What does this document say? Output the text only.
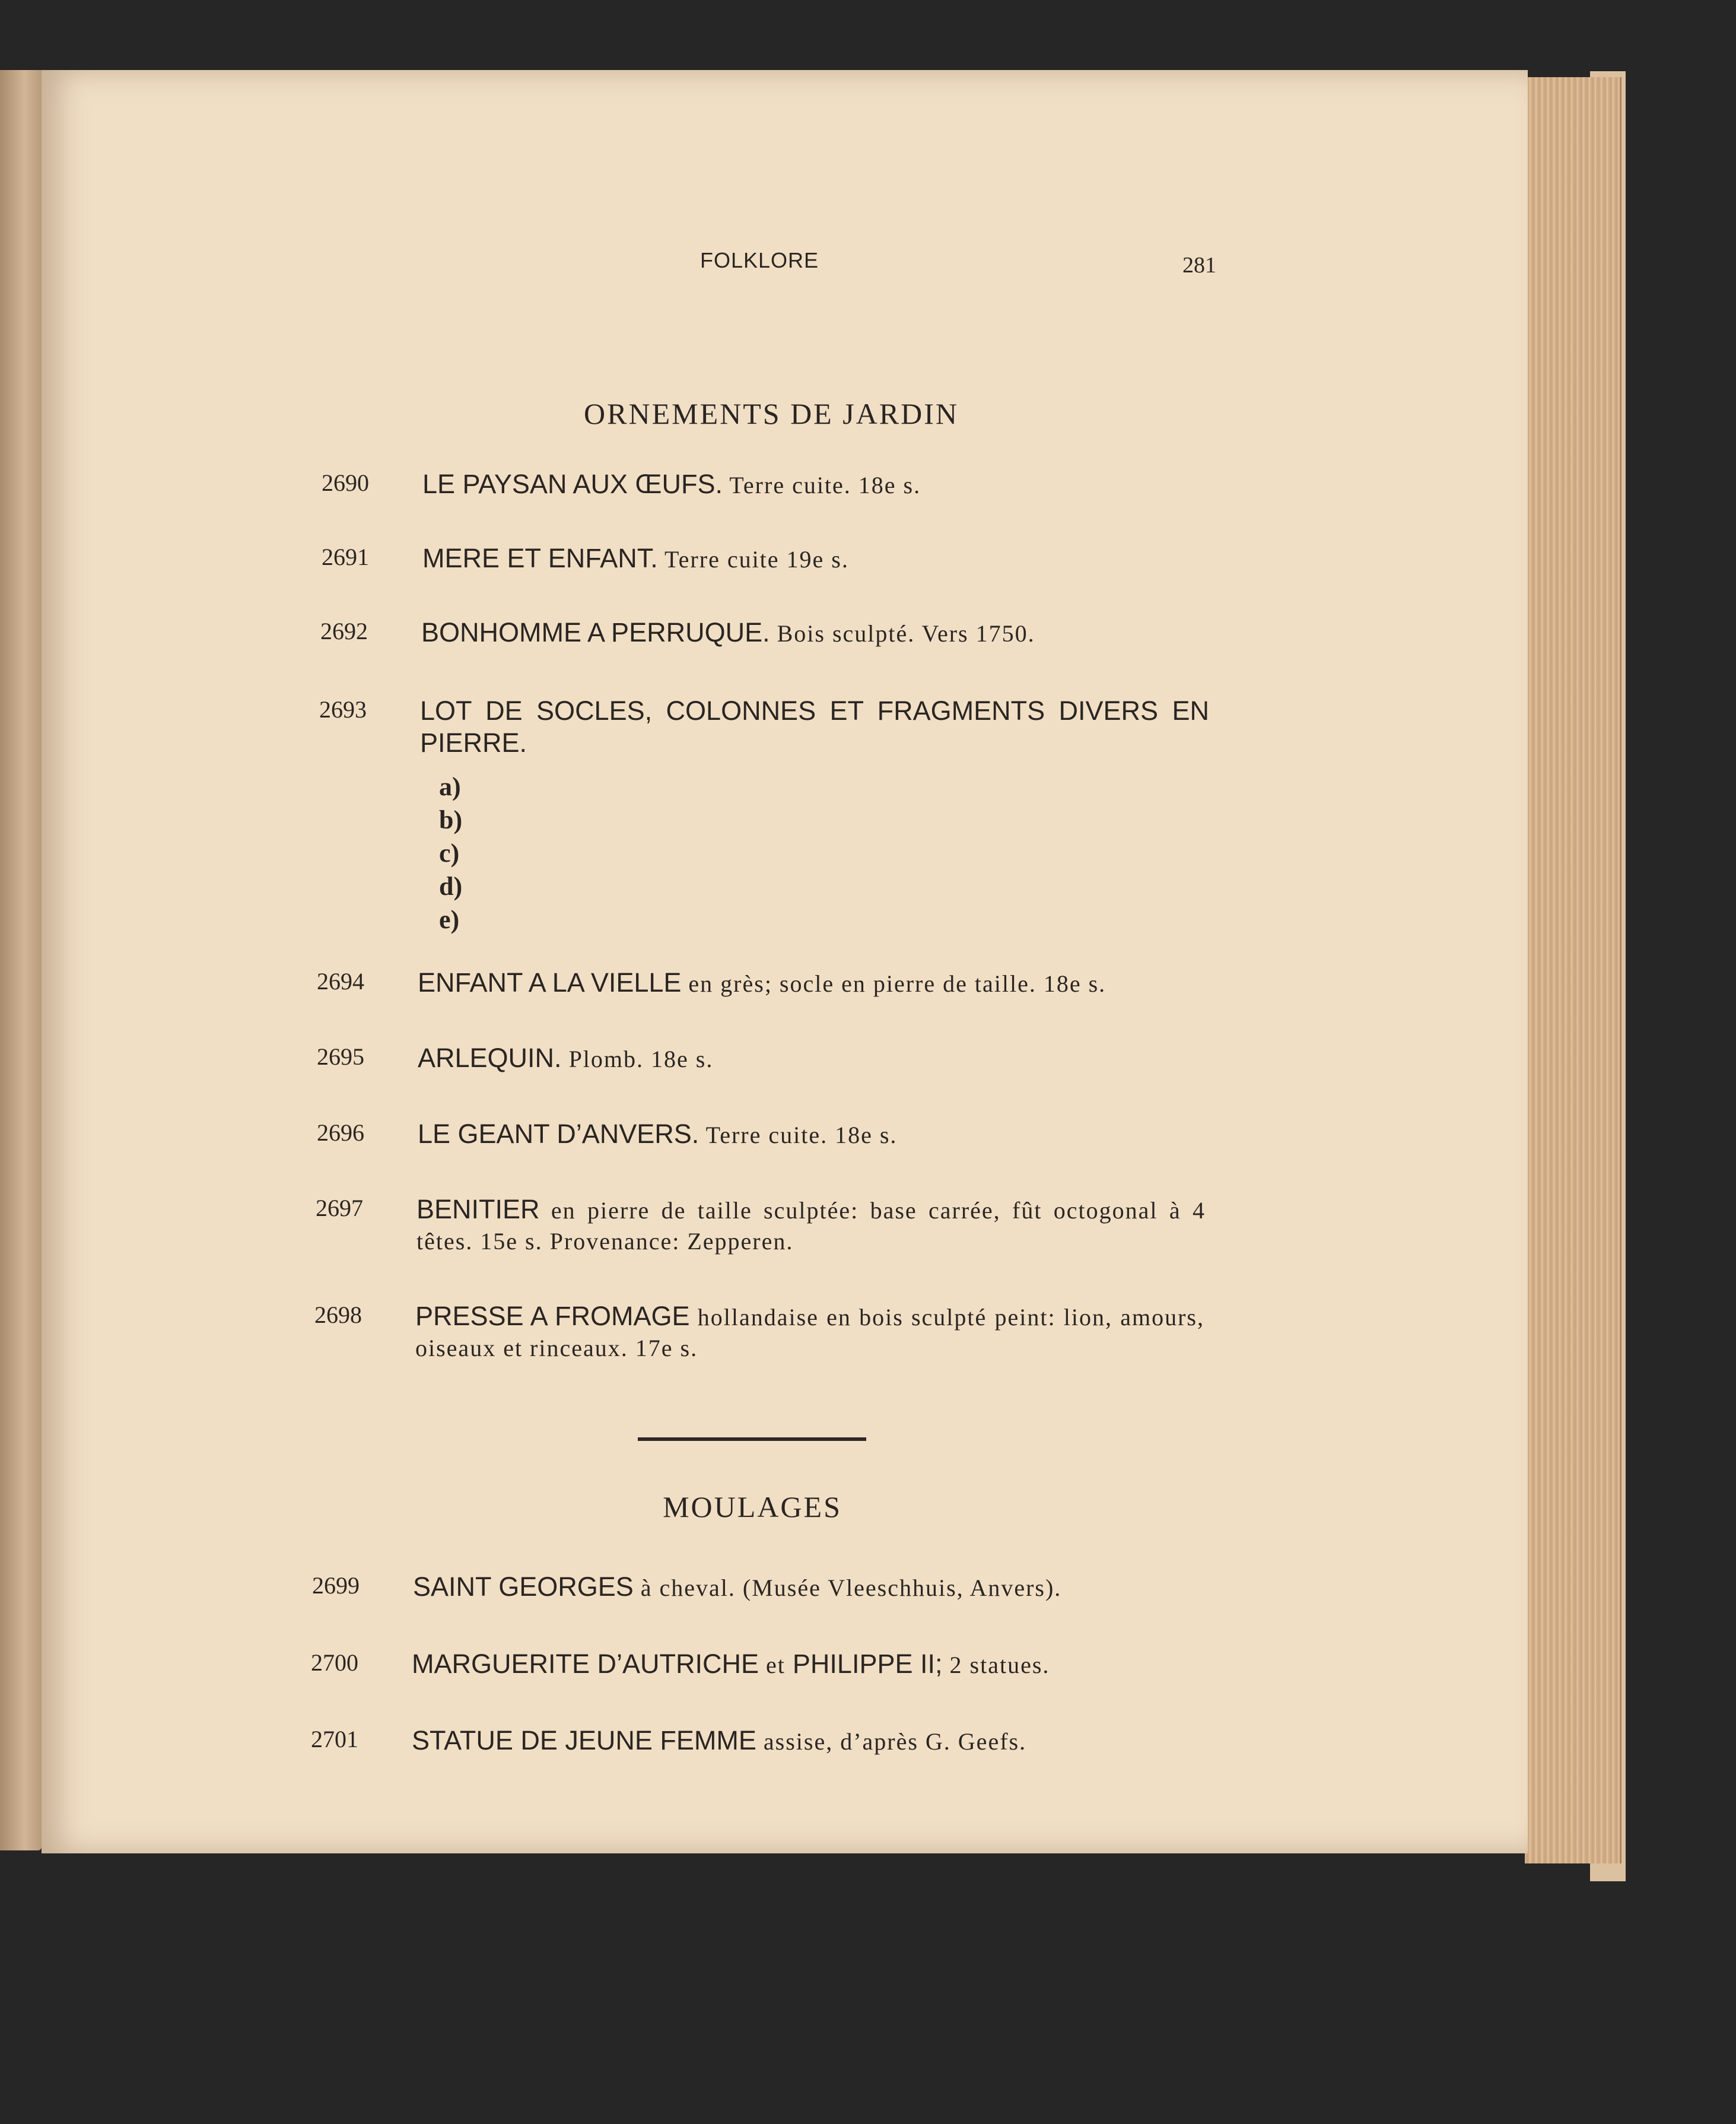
FOLKLORE	281
ORNEMENTS DE JARDIN
2690 LE PAYSAN AUX ŒUFS. Terre cuite. 18e s.
2691 MERE ET ENFANT. Terre cuite 19e s.
2692 BONHOMME A PERRUQUE. Bois sculpté. Vers 1750.
2693 LOT DE SOCLES, COLONNES ET FRAGMENTS DIVERS EN PIERRE.
a)
b)
c)
d)
e)
2694 ENFANT A LA VIELLE en grès; socle en pierre de taille. 18e s.
2695 ARLEQUIN. Plomb. 18e s.
2696 LE GEANT D’ANVERS. Terre cuite. 18e s.
2697 BENITIER en pierre de taille sculptée: base carrée, fût octogonal à 4 têtes. 15e s. Provenance: Zepperen.
2698 PRESSE A FROMAGE hollandaise en bois sculpté peint: lion, amours, oiseaux et rinceaux. 17e s.
MOULAGES
2699 SAINT GEORGES à cheval. (Musée Vleeschhuis, Anvers).
2700 MARGUERITE D’AUTRICHE et PHILIPPE II; 2 statues.
2701 STATUE DE JEUNE FEMME assise, d’après G. Geefs.
